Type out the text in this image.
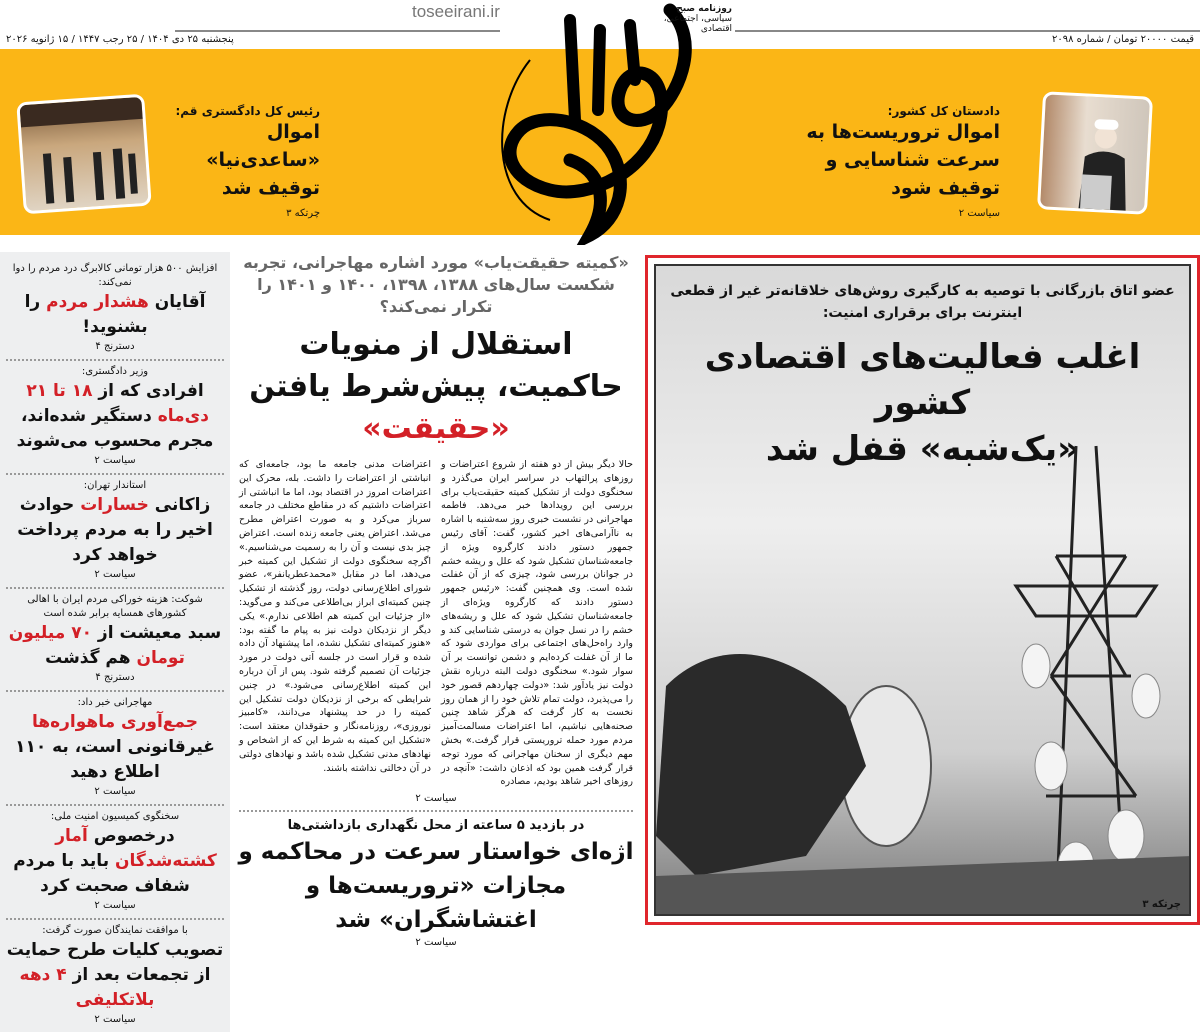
toseeirani.ir
پنجشنبه ۲۵ دی ۱۴۰۴ / ۲۵ رجب ۱۴۴۷ / ۱۵ ژانویه ۲۰۲۶	قیمت ۲۰۰۰۰ تومان / شماره ۲۰۹۸
دادستان کل کشور:
اموال تروریست‌ها به سرعت شناسایی و توقیف شود
سیاست ۲
رئیس کل دادگستری قم:
اموال «ساعدی‌نیا» توقیف شد
چرتکه ۳
روزنامه صبح
سیاسی، اجتماعی، اقتصادی
افزایش ۵۰۰ هزار تومانی کالابرگ درد مردم را دوا نمی‌کند:
آقایان هشدار مردم را بشنوید!
دسترنج ۴
وزیر دادگستری:
افرادی که از ۱۸ تا ۲۱ دی‌ماه دستگیر شده‌اند، مجرم محسوب می‌شوند
سیاست ۲
استاندار تهران:
زاکانی خسارات حوادث اخیر را به مردم پرداخت خواهد کرد
سیاست ۲
شوکت: هزینه خوراکی مردم ایران با اهالی کشورهای همسایه برابر شده است
سبد معیشت از ۷۰ میلیون تومان هم گذشت
دسترنج ۴
مهاجرانی خبر داد:
جمع‌آوری ماهواره‌ها غیرقانونی است، به ۱۱۰ اطلاع دهید
سیاست ۲
سخنگوی کمیسیون امنیت ملی:
درخصوص آمار کشته‌شدگان باید با مردم شفاف صحبت کرد
سیاست ۲
با موافقت نمایندگان صورت گرفت:
تصویب کلیات طرح حمایت از تجمعات بعد از ۴ دهه بلاتکلیفی
سیاست ۲
«کمیته حقیقت‌یاب» مورد اشاره مهاجرانی، تجربه شکست سال‌های ۱۳۸۸، ۱۳۹۸، ۱۴۰۰ و ۱۴۰۱ را تکرار نمی‌کند؟
استقلال از منویات حاکمیت، پیش‌شرط یافتن «حقیقت»
حالا دیگر بیش از دو هفته از شروع اعتراضات و روزهای پرالتهاب در سراسر ایران می‌گذرد و سخنگوی دولت از تشکیل کمیته حقیقت‌یاب برای بررسی این رویدادها خبر می‌دهد. فاطمه مهاجرانی در نشست خبری روز سه‌شنبه با اشاره به ناآرامی‌های اخیر کشور، گفت: آقای رئیس جمهور دستور دادند کارگروه ویژه از جامعه‌شناسان تشکیل شود که علل و ریشه خشم در جوانان بررسی شود، چیزی که از آن غفلت شده است. وی همچنین گفت: «رئیس جمهور دستور دادند که کارگروه ویژه‌ای از جامعه‌شناسان تشکیل شود که علل و ریشه‌های خشم را در نسل جوان به درستی شناسایی کند و وارد راه‌حل‌های اجتماعی برای مواردی شود که ما از آن غفلت کرده‌ایم و دشمن توانست بر آن سوار شود.» سخنگوی دولت البته درباره نقش دولت نیز یادآور شد: «دولت چهاردهم قصور خود را می‌پذیرد، دولت تمام تلاش خود را از همان روز نخست به کار گرفت که هرگز شاهد چنین صحنه‌هایی نباشیم، اما اعتراضات مسالمت‌آمیز مردم مورد حمله تروریستی قرار گرفت.» بخش مهم دیگری از سخنان مهاجرانی که مورد توجه قرار گرفت همین بود که اذعان داشت: «آنچه در روزهای اخیر شاهد بودیم، مصادره
اعتراضات مدنی جامعه ما بود، جامعه‌ای که انباشتی از اعتراضات را داشت. بله، محرک این اعتراضات امروز در اقتصاد بود، اما ما انباشتی از اعتراضات داشتیم که در مقاطع مختلف در جامعه سرباز می‌کرد و به صورت اعتراض مطرح می‌شد. اعتراض یعنی جامعه زنده است. اعتراض چیز بدی نیست و آن را به رسمیت می‌شناسیم.» اگرچه سخنگوی دولت از تشکیل این کمیته خبر می‌دهد، اما در مقابل «محمدعطریانفر»، عضو شورای اطلاع‌رسانی دولت، روز گذشته از تشکیل چنین کمیته‌ای ابراز بی‌اطلاعی می‌کند و می‌گوید: «از جزئیات این کمیته هم اطلاعی ندارم.» یکی دیگر از نزدیکان دولت نیز به پیام ما گفته بود: «هنوز کمیته‌ای تشکیل نشده، اما پیشنهاد آن داده شده و قرار است در جلسه آتی دولت در مورد جزئیات آن تصمیم گرفته شود. پس از آن درباره این کمیته اطلاع‌رسانی می‌شود.» در چنین شرایطی که برخی از نزدیکان دولت تشکیل این کمیته را در حد پیشنهاد می‌دانند، «کامبیز نوروزی»، روزنامه‌نگار و حقوقدان معتقد است: «تشکیل این کمیته به شرط این که از اشخاص و نهادهای مدنی تشکیل شده باشد و نهادهای دولتی در آن دخالتی نداشته باشند.
سیاست ۲
در بازدید ۵ ساعته از محل نگهداری بازداشتی‌ها
اژه‌ای خواستار سرعت در محاکمه و مجازات «تروریست‌ها و اغتشاشگران» شد
سیاست ۲
عضو اتاق بازرگانی با توصیه به کارگیری روش‌های خلاقانه‌تر غیر از قطعی اینترنت برای برقراری امنیت:
اغلب فعالیت‌های اقتصادی کشور
«یک‌شبه» قفل شد
چرتکه ۳
